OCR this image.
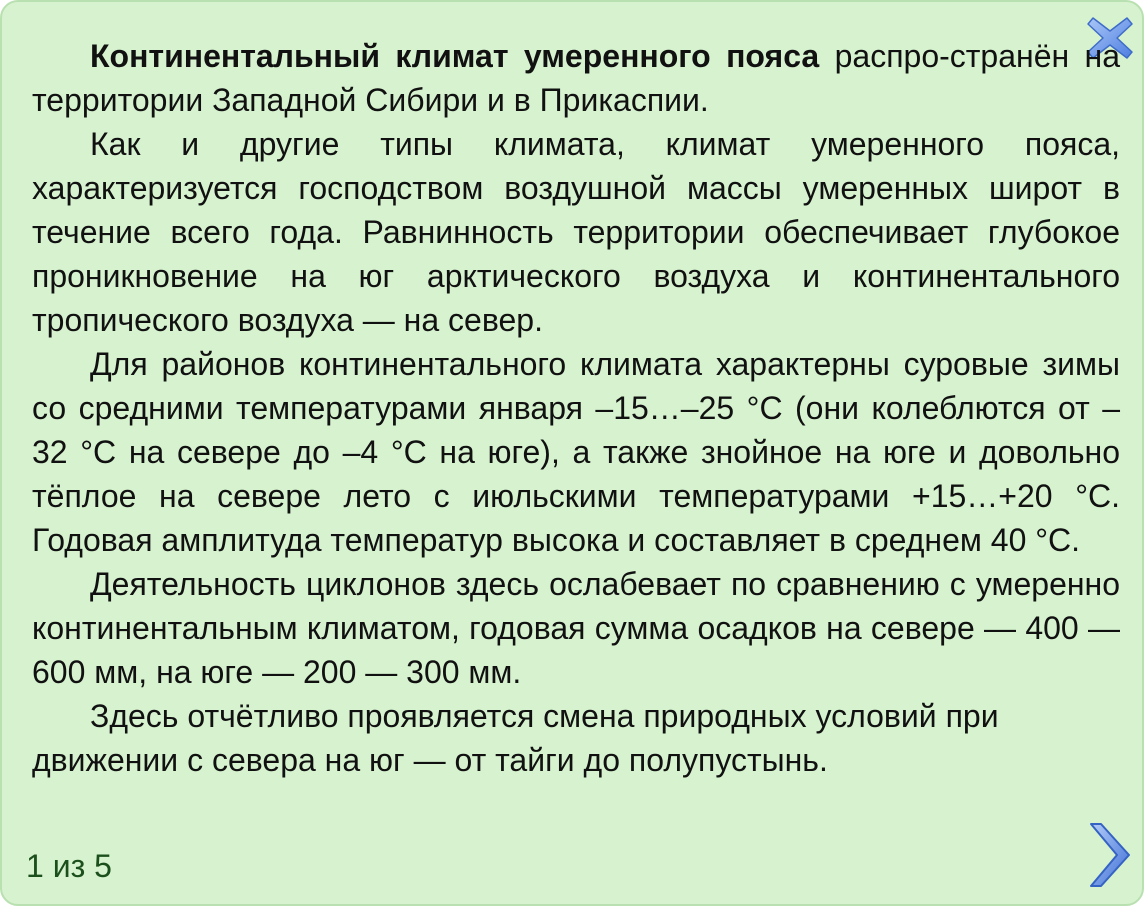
Континентальный климат умеренного пояса распро-странён на территории Западной Сибири и в Прикаспии.

Как и другие типы климата, климат умеренного пояса, характеризуется господством воздушной массы умеренных широт в течение всего года. Равнинность территории обеспечивает глубокое проникновение на юг арктического воздуха и континентального тропического воздуха — на север.

Для районов континентального климата характерны суровые зимы со средними температурами января –15…–25 °С (они колеблются от –32 °С на севере до –4 °С на юге), а также знойное на юге и довольно тёплое на севере лето с июльскими температурами +15…+20 °С. Годовая амплитуда температур высока и составляет в среднем 40 °С.

Деятельность циклонов здесь ослабевает по сравнению с умеренно континентальным климатом, годовая сумма осадков на севере — 400 — 600 мм, на юге — 200 — 300 мм.

Здесь отчётливо проявляется смена природных условий при движении с севера на юг — от тайги до полупустынь.

1 из 5
